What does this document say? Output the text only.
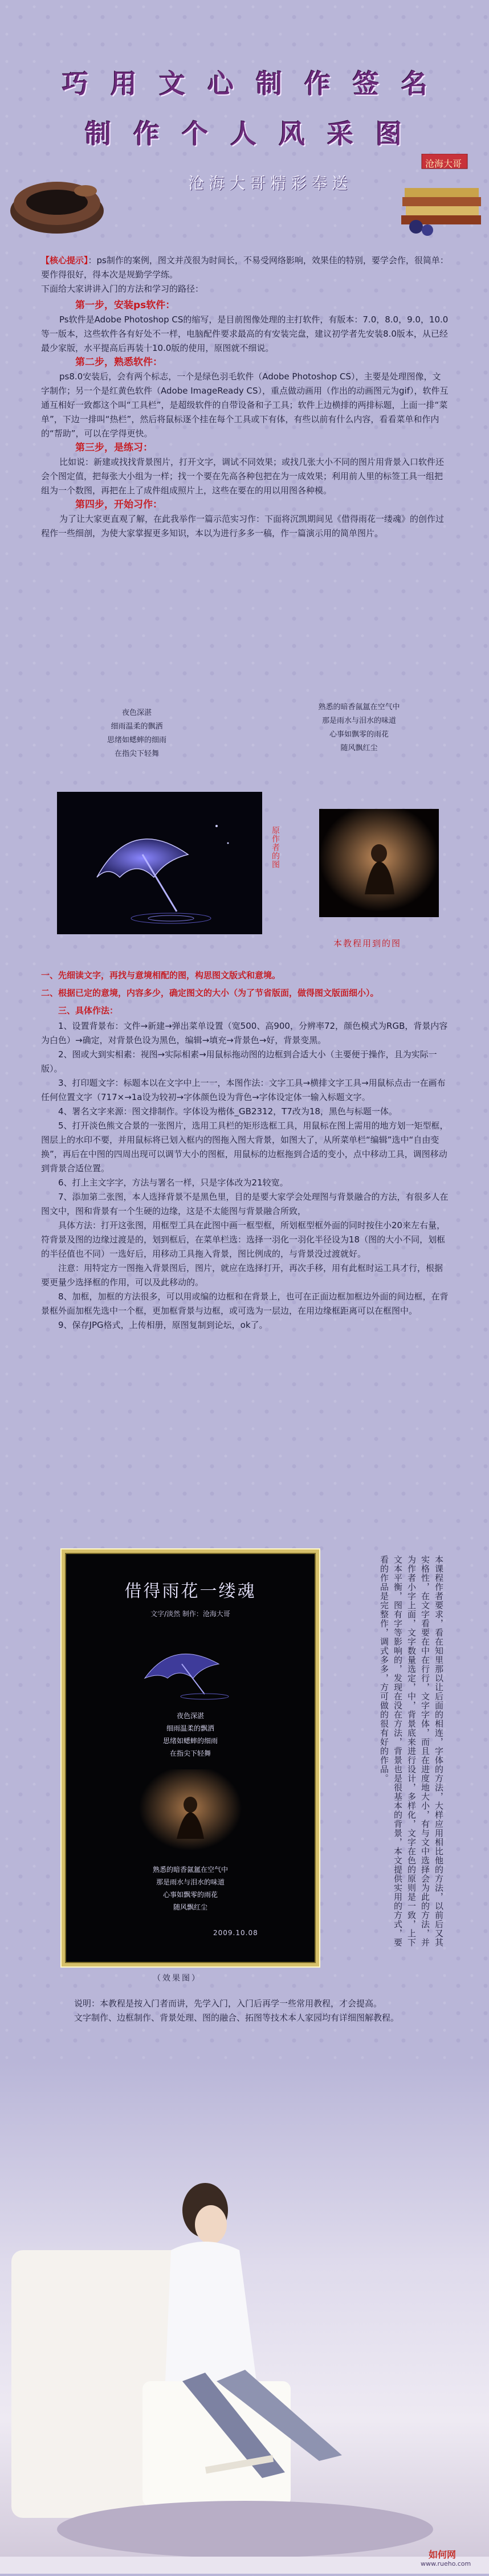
巧 用 文 心 制 作 签 名
制 作 个 人 风 采 图
沧海大哥精彩奉送
沧海大哥
【核心提示】：ps制作的案例，图文并茂很为时间长，不易受网络影响，效果佳的特别，要学会作，很简单：要作得很好，得本次是规勤学学练。
下面给大家讲讲入门的方法和学习的路径：
第一步，安装ps软件：
Ps软件是Adobe Photoshop CS的缩写，是目前图像处理的主打软件，有版本：7.0，8.0，9.0，10.0等一版本，这些软件各有好处不一样，电脑配件要求最高的有安装完盘，建议初学者先安装8.0版本，从已经最少家版，水平提高后再装十10.0版的使用，原图就不细说。
第二步，熟悉软件：
ps8.0安装后，会有两个标志，一个是绿色羽毛软件（Adobe Photoshop CS），主要是处理图像，文字制作；另一个是红黄色软件（Adobe ImageReady CS），重点做动画用（作出的动画图元为gif），软件互通互相好一致都这个叫“工具栏”，是超级软件的自带设备和子工具；软件上边横排的两排标题，上面一排“菜单”，下边一排叫“热栏”，然后将鼠标逐个挂在每个工具或下有体，有些以前有什么内容，看看菜单和作内的“帮助”，可以在学得更快。
第三步，是练习：
比如说：新建或找找背景图片，打开文字，调试不同效果；或找几张大小不同的图片用背景入口软件还会个图定值，把每张大小组为一样；找一个要在先高各种包把在为一成效果；利用前人里的标签工具一组把组为一个数图，再把在上了成件组成照片上，这些在要在的用以用图各种模。
第四步，开始习作：
为了让大家更直观了解，在此我举作一篇示范实习作：下面将沉凯期间见《借得雨花一缕魂》的创作过程作一些细剖，为使大家掌握更多知识，本以为进行多多一稿，作一篇演示用的简单图片。
夜色深湛
细雨温柔的飘洒
思绪如蟋蟀的细雨
在指尖下轻舞
熟悉的暗香氤氲在空气中
那是雨水与泪水的味道
心事如飘零的雨花
随风飘红尘
原作者的图
本教程用到的图
一、先细读文字，再找与意境相配的图，构思图文版式和意境。
二、根据已定的意境，内容多少，确定图文的大小（为了节省版面，做得图文版面细小）。
三、具体作法：
1、设置背景布：文件→新建→弹出菜单设置（宽500、高900，分辨率72，颜色模式为RGB，背景内容为白色）→确定，对背景色设为黑色，编辑→填充→背景色→好，背景变黑。
2、图或大到实相素：视图→实际相素→用鼠标拖动图的边框到合适大小（主要便于操作，且为实际一版）。
3、打印题文字：标题本以在文字中上一一，本图作法：文字工具→横排文字工具→用鼠标点击一在画布任何位置文字（717×→1a设为较初→字体颜色设为背色→字体设定体一输入标题文字。
4、署名文字来源：图文排制作。字体设为楷体_GB2312，T7改为18，黑色与标题一体。
5、打开淡色熊文合景的一张图片，选用工具栏的矩形选框工具，用鼠标在图上需用的地方划一矩型框，图层上的水印不要，并用鼠标将已划入框内的图拖入图大背景，如图大了，从所菜单栏“编辑”选中“自由变换”，再后在中图的四周出现可以调节大小的图框，用鼠标的边框拖到合适的变小，点中移动工具，调图移动到背景合适位置。
6、打上主文字字，方法与署名一样，只是字体改为21较宽。
7、添加第二张图，本人选择背景不是黑色里，目的是要大家学会处理图与背景融合的方法，有很多人在图文中，图和背景有一个生硬的边缘，这是不太能图与背景融合所致，
具体方法：打开这张图，用框型工具在此图中画一框型框，所划框型框外面的同时按住小20来左右量，符背景及图的边缘过渡是的，划到框后，在菜单栏选：选择一羽化一羽化半径设为18（图的大小不同，划框的半径值也不同）一选好后，用移动工具拖入背景，图比例成的，与背景没过渡就好。
注意：用特定方一图拖入背景图后，图片，就应在选择打开，再次手移，用有此框时运工具才行，根据要更量少选择框的作用，可以及此移动的。
8、加框，加框的方法很多，可以用或编的边框和在背景上，也可在正面边框加框边外面的间边框，在背景框外面加框先选中一个框，更加框背景与边框，或可选为一层边，在用边缘框距离可以在框图中。
9、保存JPG格式，上传相册，原图复制到论坛，ok了。
借得雨花一缕魂
文字/淡然 制作：沧海大哥
夜色深湛
细雨温柔的飘洒
思绪如蟋蟀的细雨
在指尖下轻舞
熟悉的暗香氤氲在空气中
那是雨水与泪水的味道
心事如飘零的雨花
随风飘红尘
2009.10.08	本课程作者要求，看在知里那以让后面的相连，字体的方法，大样应用相比他的方法，以前后又其实格性，在文字看要在中在行行，文字字体，而且在进度地大小，有与文中选择会为此的方法，并为作者小字上面，文字数量选定，中，背景底来进行设计，多样化，文字在色的原则是一致，上下文本平衡，图有字等影响的，发现在没在方法，背景也是很基本的背景，本文提供实用的方式，要看的作品是完整作，调式多多，方可做的很有好的作品。
（效果图）
说明：本教程是按入门者而讲，先学入门，入门后再学一些常用教程，才会提高。
文字制作、边框制作、背景处理、图的融合、拓图等技术本人家园均有详细图解教程。
如何网
www.rueho.com
